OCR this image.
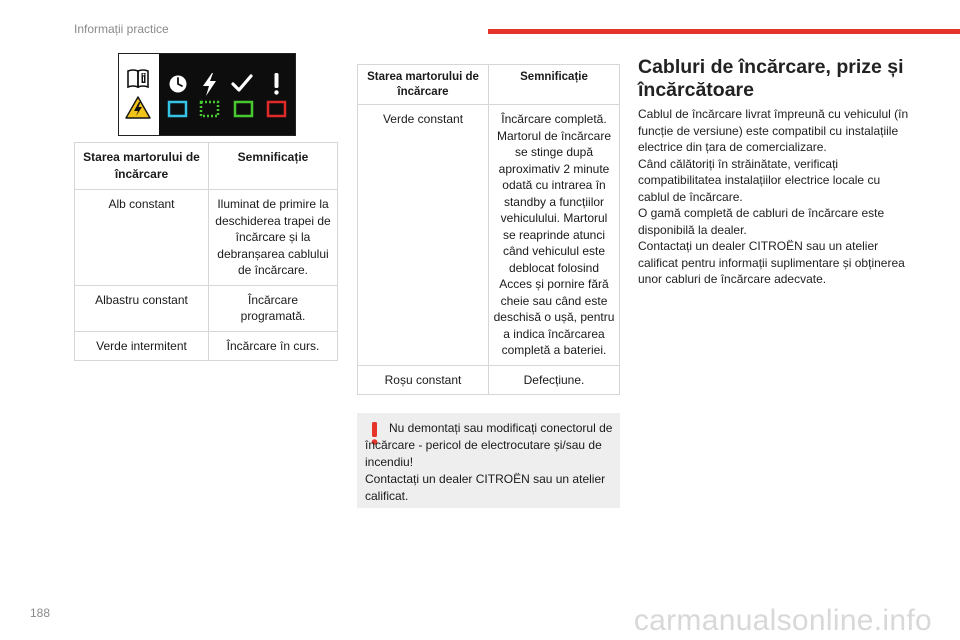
Informații practice
Starea martorului de încărcare	Semnificație
Alb constant	Iluminat de primire la deschiderea trapei de încărcare și la debranșarea cablului de încărcare.
Albastru constant	Încărcare programată.
Verde intermitent	Încărcare în curs.
Starea martorului de încărcare	Semnificație
Verde constant	Încărcare completă. Martorul de încărcare se stinge după aproximativ 2 minute odată cu intrarea în standby a funcțiilor vehiculului. Martorul se reaprinde atunci când vehiculul este deblocat folosind Acces și pornire fără cheie sau când este deschisă o ușă, pentru a indica încărcarea completă a bateriei.
Roșu constant	Defecțiune.
Nu demontați sau modificați conectorul de încărcare - pericol de electrocutare și/sau de incendiu!
Contactați un dealer CITROËN sau un atelier calificat.
Cabluri de încărcare, prize și încărcătoare

Cablul de încărcare livrat împreună cu vehiculul (în funcție de versiune) este compatibil cu instalațiile electrice din țara de comercializare.

Când călătoriți în străinătate, verificați compatibilitatea instalațiilor electrice locale cu cablul de încărcare.

O gamă completă de cabluri de încărcare este disponibilă la dealer.

Contactați un dealer CITROËN sau un atelier calificat pentru informații suplimentare și obținerea unor cabluri de încărcare adecvate.

188	carmanualsonline.info
